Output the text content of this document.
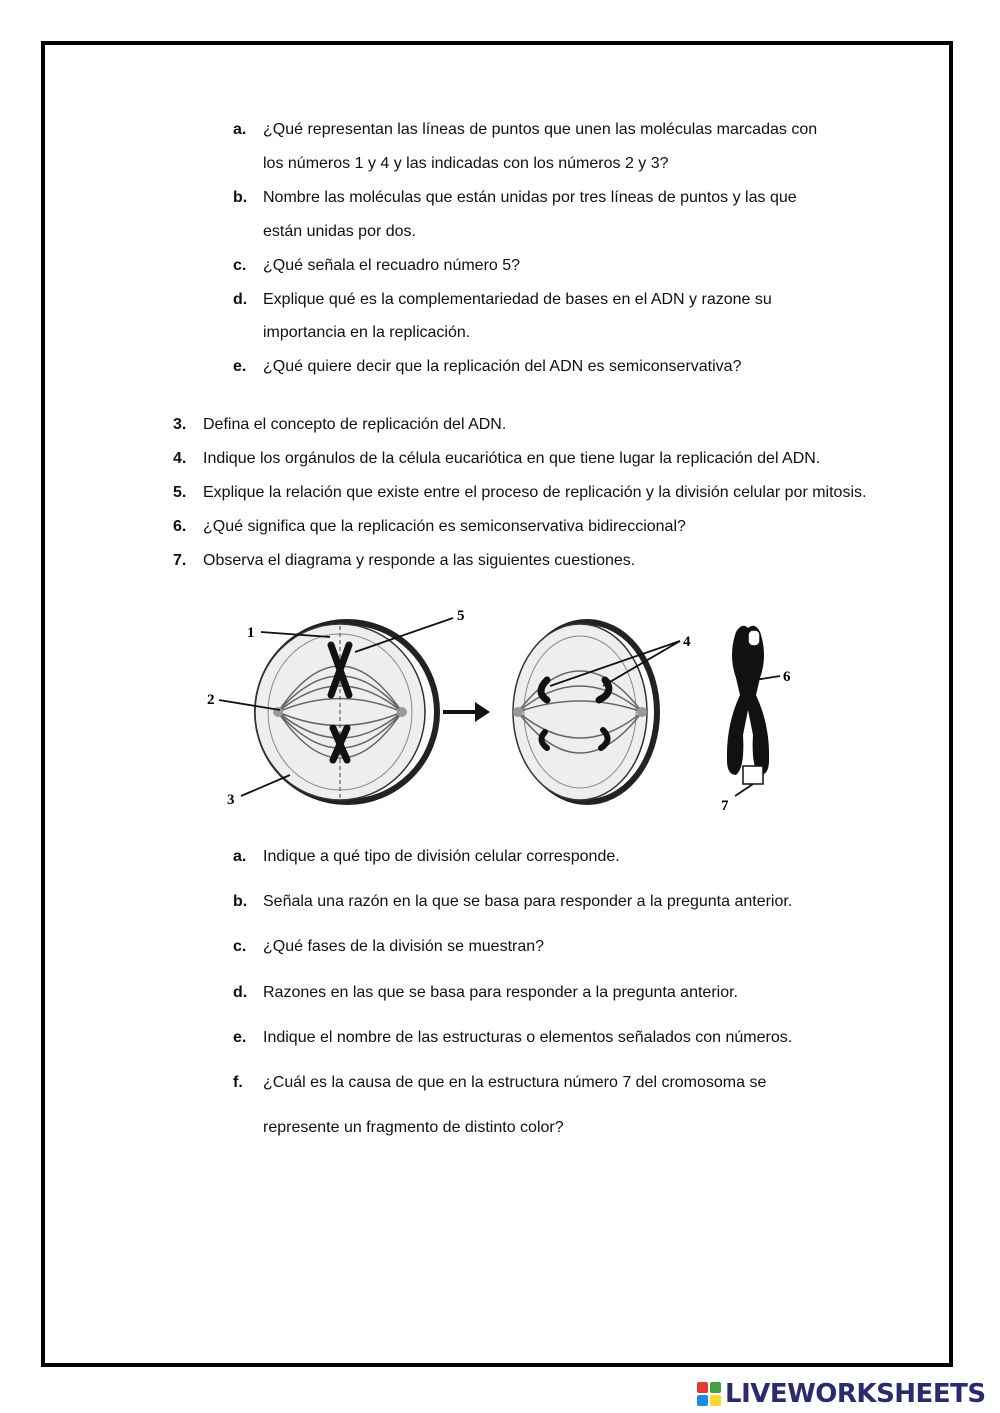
a. ¿Qué representan las líneas de puntos que unen las moléculas marcadas con
los números 1 y 4 y las indicadas con los números 2 y 3?
b. Nombre las moléculas que están unidas por tres líneas de puntos y las que
están unidas por dos.
c. ¿Qué señala el recuadro número 5?
d. Explique qué es la complementariedad de bases en el ADN y razone su
importancia en la replicación.
e. ¿Qué quiere decir que la replicación del ADN es semiconservativa?
3. Defina el concepto de replicación del ADN.
4. Indique los orgánulos de la célula eucariótica en que tiene lugar la replicación del ADN.
5. Explique la relación que existe entre el proceso de replicación y la división celular por mitosis.
6. ¿Qué significa que la replicación es semiconservativa bidireccional?
7. Observa el diagrama y responde a las siguientes cuestiones.
1
5
2
3
4
6
7
a. Indique a qué tipo de división celular corresponde.
b. Señala una razón en la que se basa para responder a la pregunta anterior.
c. ¿Qué fases de la división se muestran?
d. Razones en las que se basa para responder a la pregunta anterior.
e. Indique el nombre de las estructuras o elementos señalados con números.
f. ¿Cuál es la causa de que en la estructura número 7 del cromosoma se
represente un fragmento de distinto color?
LIVEWORKSHEETS
